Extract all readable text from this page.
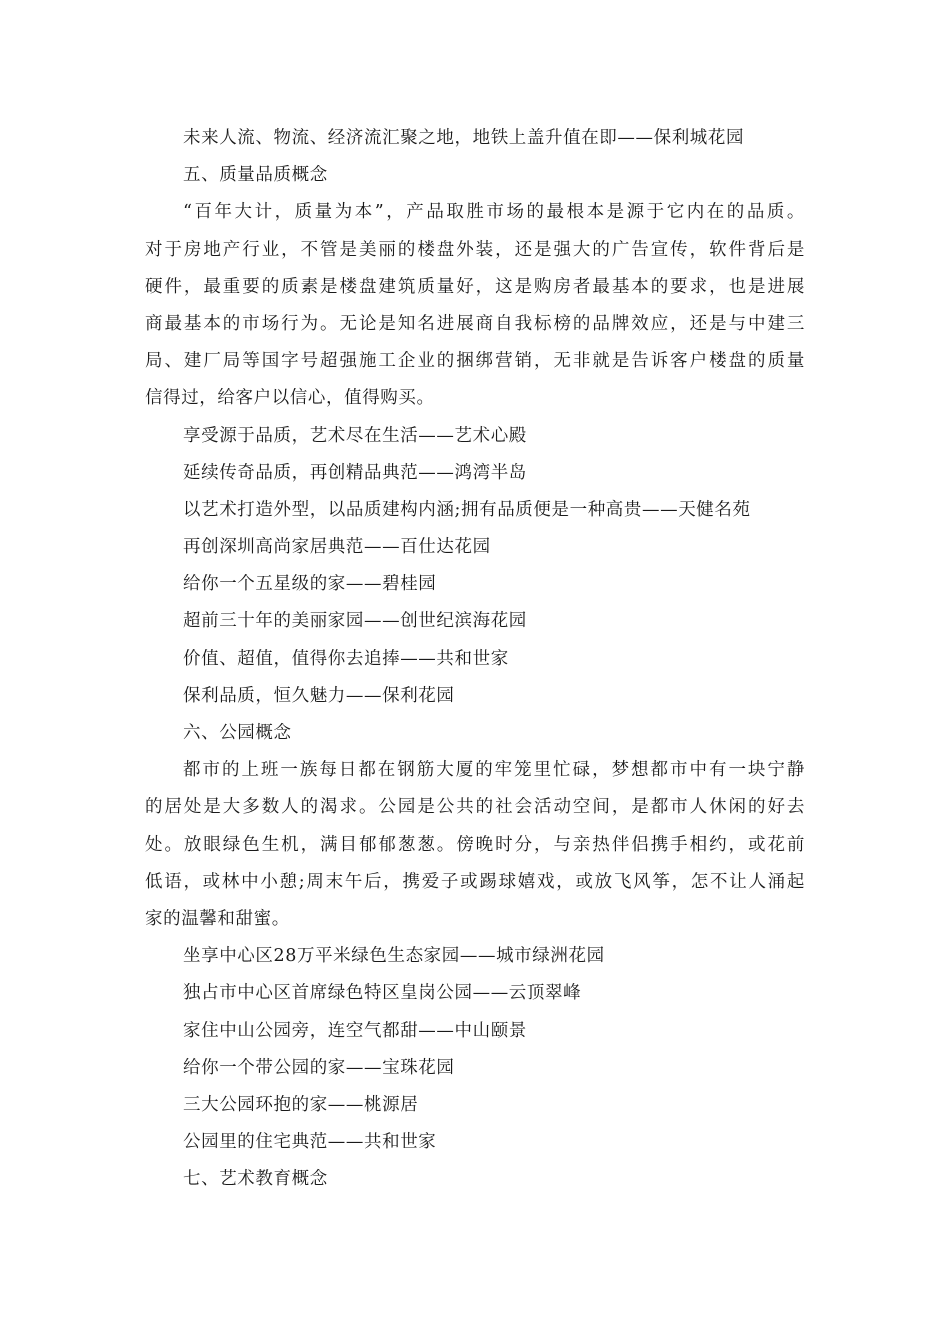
未来人流、物流、经济流汇聚之地，地铁上盖升值在即——保利城花园
五、质量品质概念
“百年大计，质量为本”，产品取胜市场的最根本是源于它内在的品质。
对于房地产行业，不管是美丽的楼盘外装，还是强大的广告宣传，软件背后是
硬件，最重要的质素是楼盘建筑质量好，这是购房者最基本的要求，也是进展
商最基本的市场行为。无论是知名进展商自我标榜的品牌效应，还是与中建三
局、建厂局等国字号超强施工企业的捆绑营销，无非就是告诉客户楼盘的质量
信得过，给客户以信心，值得购买。
享受源于品质，艺术尽在生活——艺术心殿
延续传奇品质，再创精品典范——鸿湾半岛
以艺术打造外型，以品质建构内涵;拥有品质便是一种高贵——天健名苑
再创深圳高尚家居典范——百仕达花园
给你一个五星级的家——碧桂园
超前三十年的美丽家园——创世纪滨海花园
价值、超值，值得你去追捧——共和世家
保利品质，恒久魅力——保利花园
六、公园概念
都市的上班一族每日都在钢筋大厦的牢笼里忙碌，梦想都市中有一块宁静
的居处是大多数人的渴求。公园是公共的社会活动空间，是都市人休闲的好去
处。放眼绿色生机，满目郁郁葱葱。傍晚时分，与亲热伴侣携手相约，或花前
低语，或林中小憩;周末午后，携爱子或踢球嬉戏，或放飞风筝，怎不让人涌起
家的温馨和甜蜜。
坐享中心区28万平米绿色生态家园——城市绿洲花园
独占市中心区首席绿色特区皇岗公园——云顶翠峰
家住中山公园旁，连空气都甜——中山颐景
给你一个带公园的家——宝珠花园
三大公园环抱的家——桃源居
公园里的住宅典范——共和世家
七、艺术教育概念
